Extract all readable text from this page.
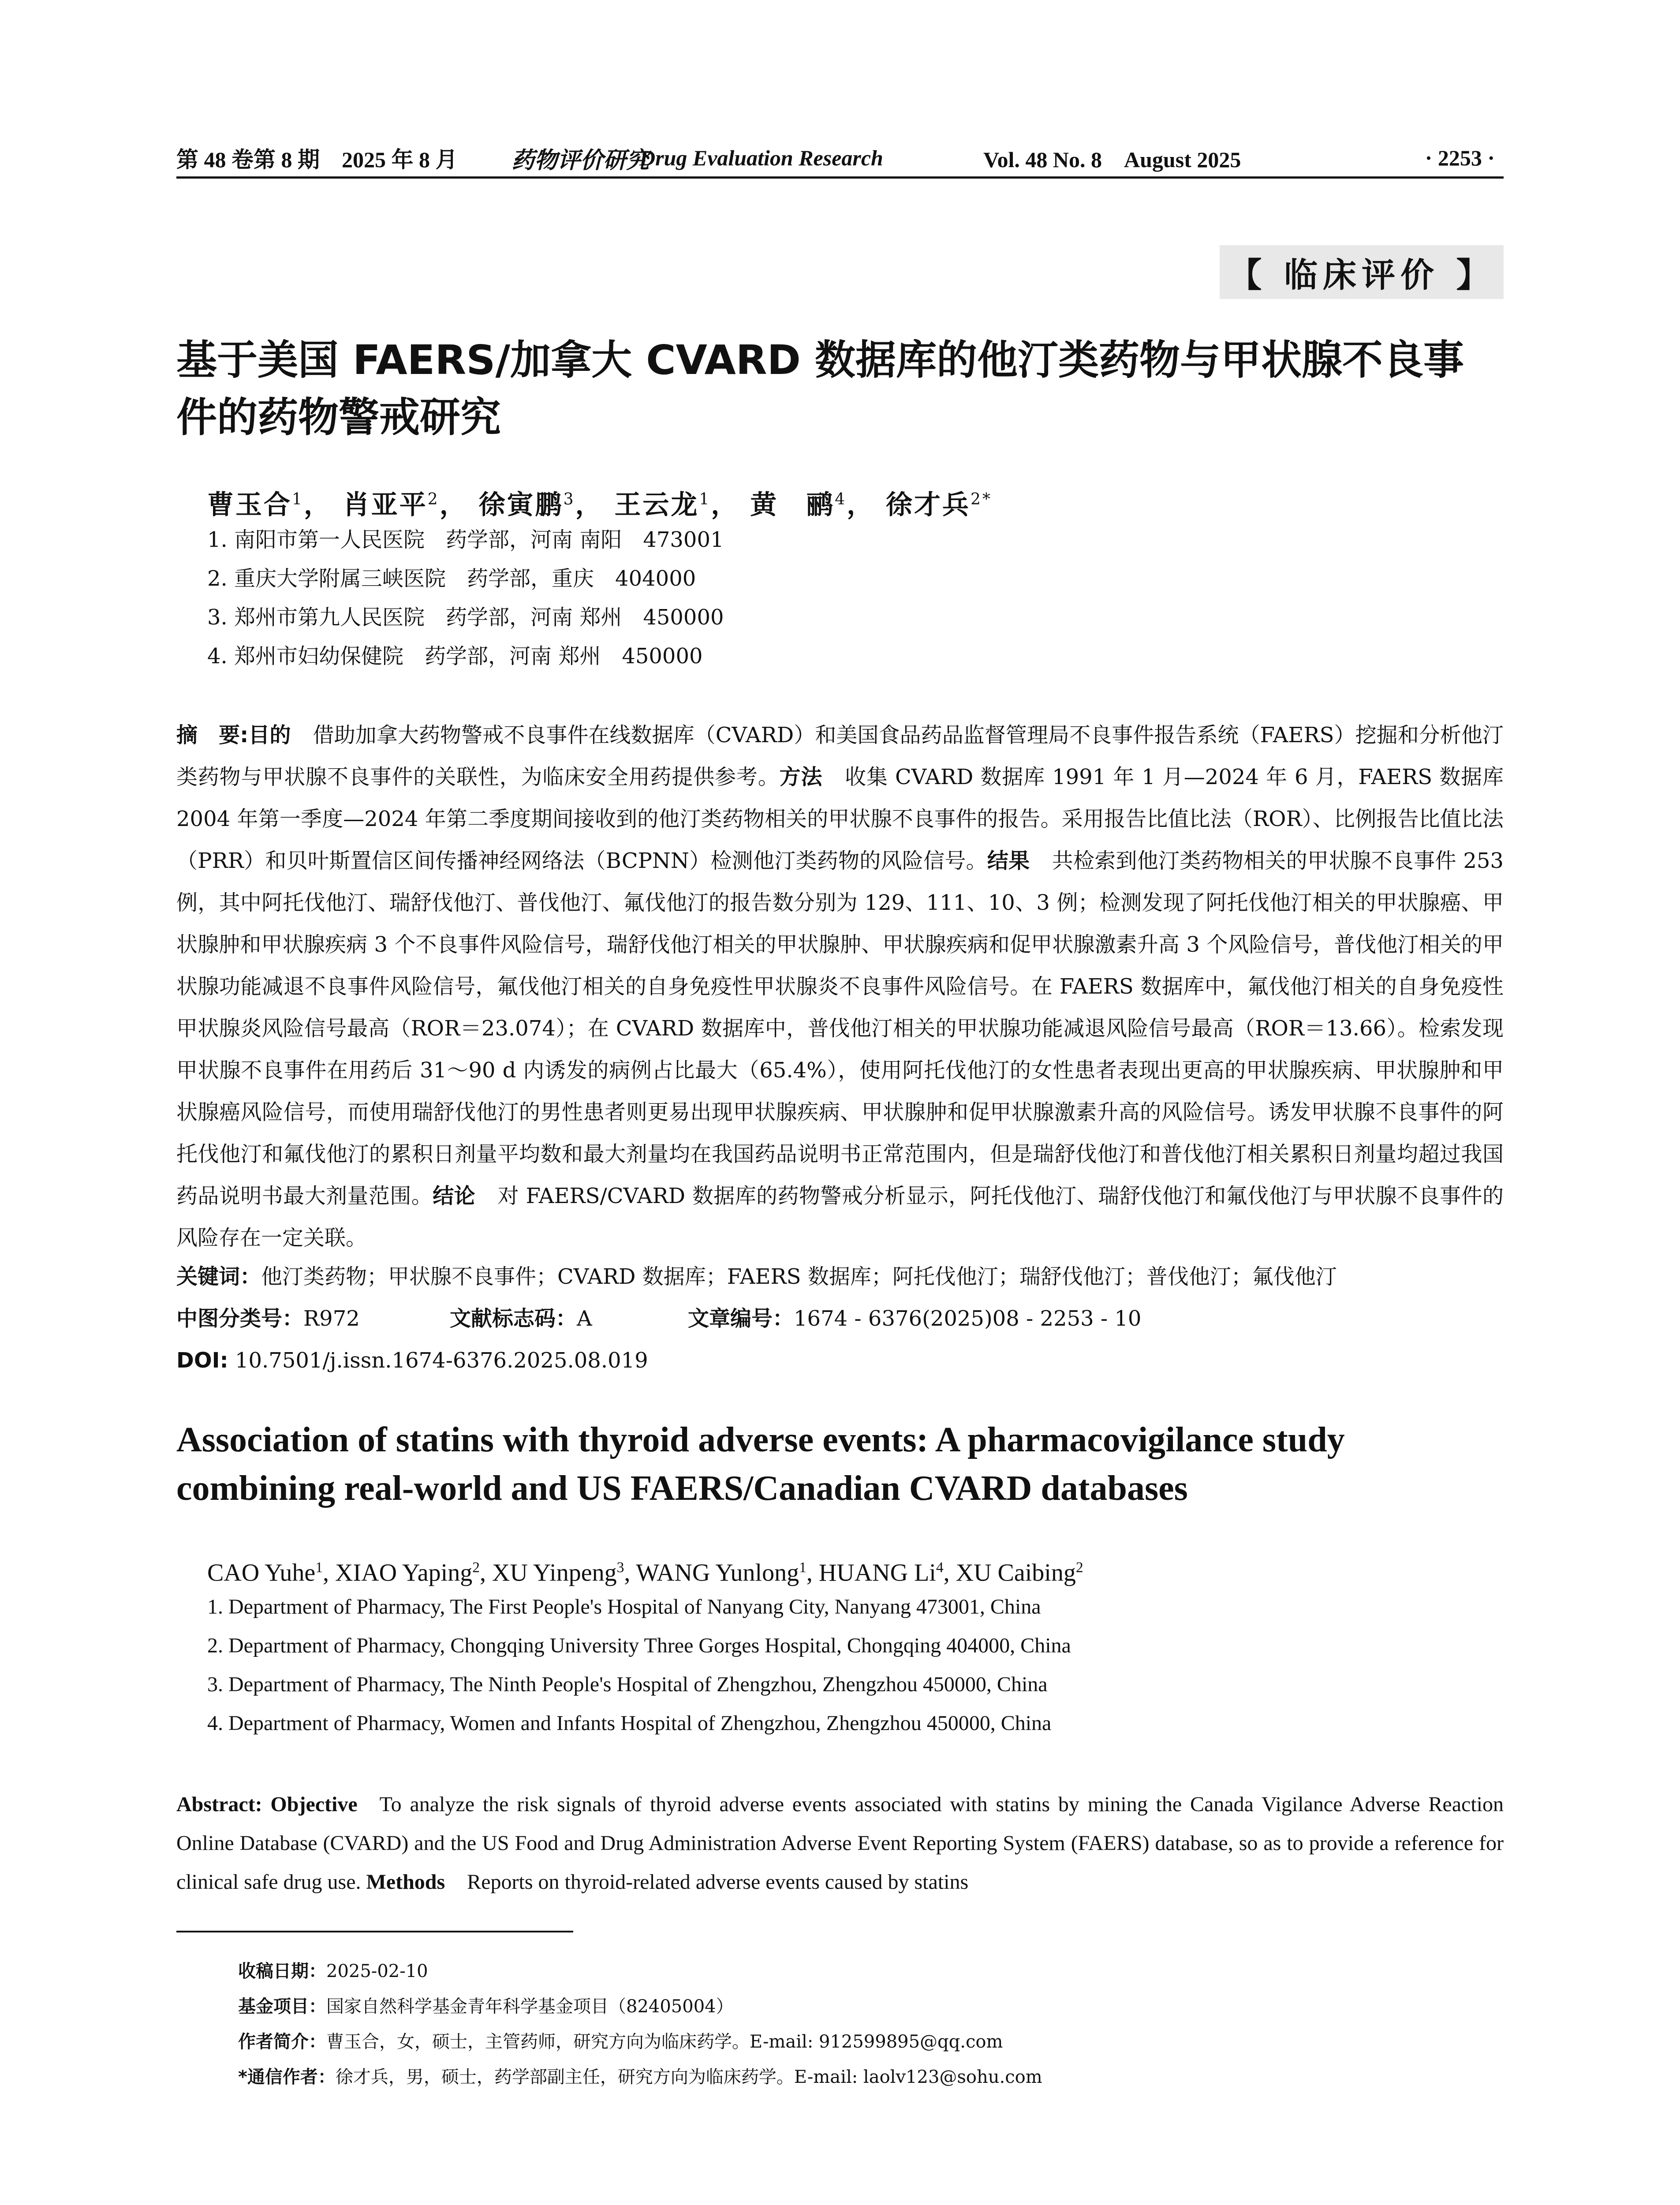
第 48 卷第 8 期　2025 年 8 月	药物评价研究
Drug Evaluation Research	Vol. 48 No. 8　August 2025	· 2253 ·
【 临床评价 】
基于美国 FAERS/加拿大 CVARD 数据库的他汀类药物与甲状腺不良事件的药物警戒研究
曹玉合$^1$， 肖亚平$^2$， 徐寅鹏$^3$， 王云龙$^1$， 黄　鹂$^4$， 徐才兵$^{2*}$
1. 南阳市第一人民医院　药学部，河南 南阳　473001
2. 重庆大学附属三峡医院　药学部，重庆　404000
3. 郑州市第九人民医院　药学部，河南 郑州　450000
4. 郑州市妇幼保健院　药学部，河南 郑州　450000
摘　要:目的 借助加拿大药物警戒不良事件在线数据库（CVARD）和美国食品药品监督管理局不良事件报告系统（FAERS）挖掘和分析他汀类药物与甲状腺不良事件的关联性，为临床安全用药提供参考。方法 收集 CVARD 数据库 1991 年 1 月—2024 年 6 月，FAERS 数据库 2004 年第一季度—2024 年第二季度期间接收到的他汀类药物相关的甲状腺不良事件的报告。采用报告比值比法（ROR）、比例报告比值比法（PRR）和贝叶斯置信区间传播神经网络法（BCPNN）检测他汀类药物的风险信号。结果 共检索到他汀类药物相关的甲状腺不良事件 253 例，其中阿托伐他汀、瑞舒伐他汀、普伐他汀、氟伐他汀的报告数分别为 129、111、10、3 例；检测发现了阿托伐他汀相关的甲状腺癌、甲状腺肿和甲状腺疾病 3 个不良事件风险信号，瑞舒伐他汀相关的甲状腺肿、甲状腺疾病和促甲状腺激素升高 3 个风险信号，普伐他汀相关的甲状腺功能减退不良事件风险信号，氟伐他汀相关的自身免疫性甲状腺炎不良事件风险信号。在 FAERS 数据库中，氟伐他汀相关的自身免疫性甲状腺炎风险信号最高（ROR＝23.074）；在 CVARD 数据库中，普伐他汀相关的甲状腺功能减退风险信号最高（ROR＝13.66）。检索发现甲状腺不良事件在用药后 31～90 d 内诱发的病例占比最大（65.4%），使用阿托伐他汀的女性患者表现出更高的甲状腺疾病、甲状腺肿和甲状腺癌风险信号，而使用瑞舒伐他汀的男性患者则更易出现甲状腺疾病、甲状腺肿和促甲状腺激素升高的风险信号。诱发甲状腺不良事件的阿托伐他汀和氟伐他汀的累积日剂量平均数和最大剂量均在我国药品说明书正常范围内，但是瑞舒伐他汀和普伐他汀相关累积日剂量均超过我国药品说明书最大剂量范围。结论 对 FAERS/CVARD 数据库的药物警戒分析显示，阿托伐他汀、瑞舒伐他汀和氟伐他汀与甲状腺不良事件的风险存在一定关联。
关键词：他汀类药物；甲状腺不良事件；CVARD 数据库；FAERS 数据库；阿托伐他汀；瑞舒伐他汀；普伐他汀；氟伐他汀
中图分类号：R972	文献标志码：A	文章编号：1674 - 6376(2025)08 - 2253 - 10
DOI: 10.7501/j.issn.1674-6376.2025.08.019
Association of statins with thyroid adverse events: A pharmacovigilance study combining real-world and US FAERS/Canadian CVARD databases
CAO Yuhe$^1$, XIAO Yaping$^2$, XU Yinpeng$^3$, WANG Yunlong$^1$, HUANG Li$^4$, XU Caibing$^2$
1. Department of Pharmacy, The First People's Hospital of Nanyang City, Nanyang 473001, China
2. Department of Pharmacy, Chongqing University Three Gorges Hospital, Chongqing 404000, China
3. Department of Pharmacy, The Ninth People's Hospital of Zhengzhou, Zhengzhou 450000, China
4. Department of Pharmacy, Women and Infants Hospital of Zhengzhou, Zhengzhou 450000, China
Abstract: Objective To analyze the risk signals of thyroid adverse events associated with statins by mining the Canada Vigilance Adverse Reaction Online Database (CVARD) and the US Food and Drug Administration Adverse Event Reporting System (FAERS) database, so as to provide a reference for clinical safe drug use. Methods Reports on thyroid-related adverse events caused by statins
收稿日期：2025-02-10
基金项目：国家自然科学基金青年科学基金项目（82405004）
作者简介：曹玉合，女，硕士，主管药师，研究方向为临床药学。E-mail: 912599895@qq.com
*通信作者：徐才兵，男，硕士，药学部副主任，研究方向为临床药学。E-mail: laolv123@sohu.com
